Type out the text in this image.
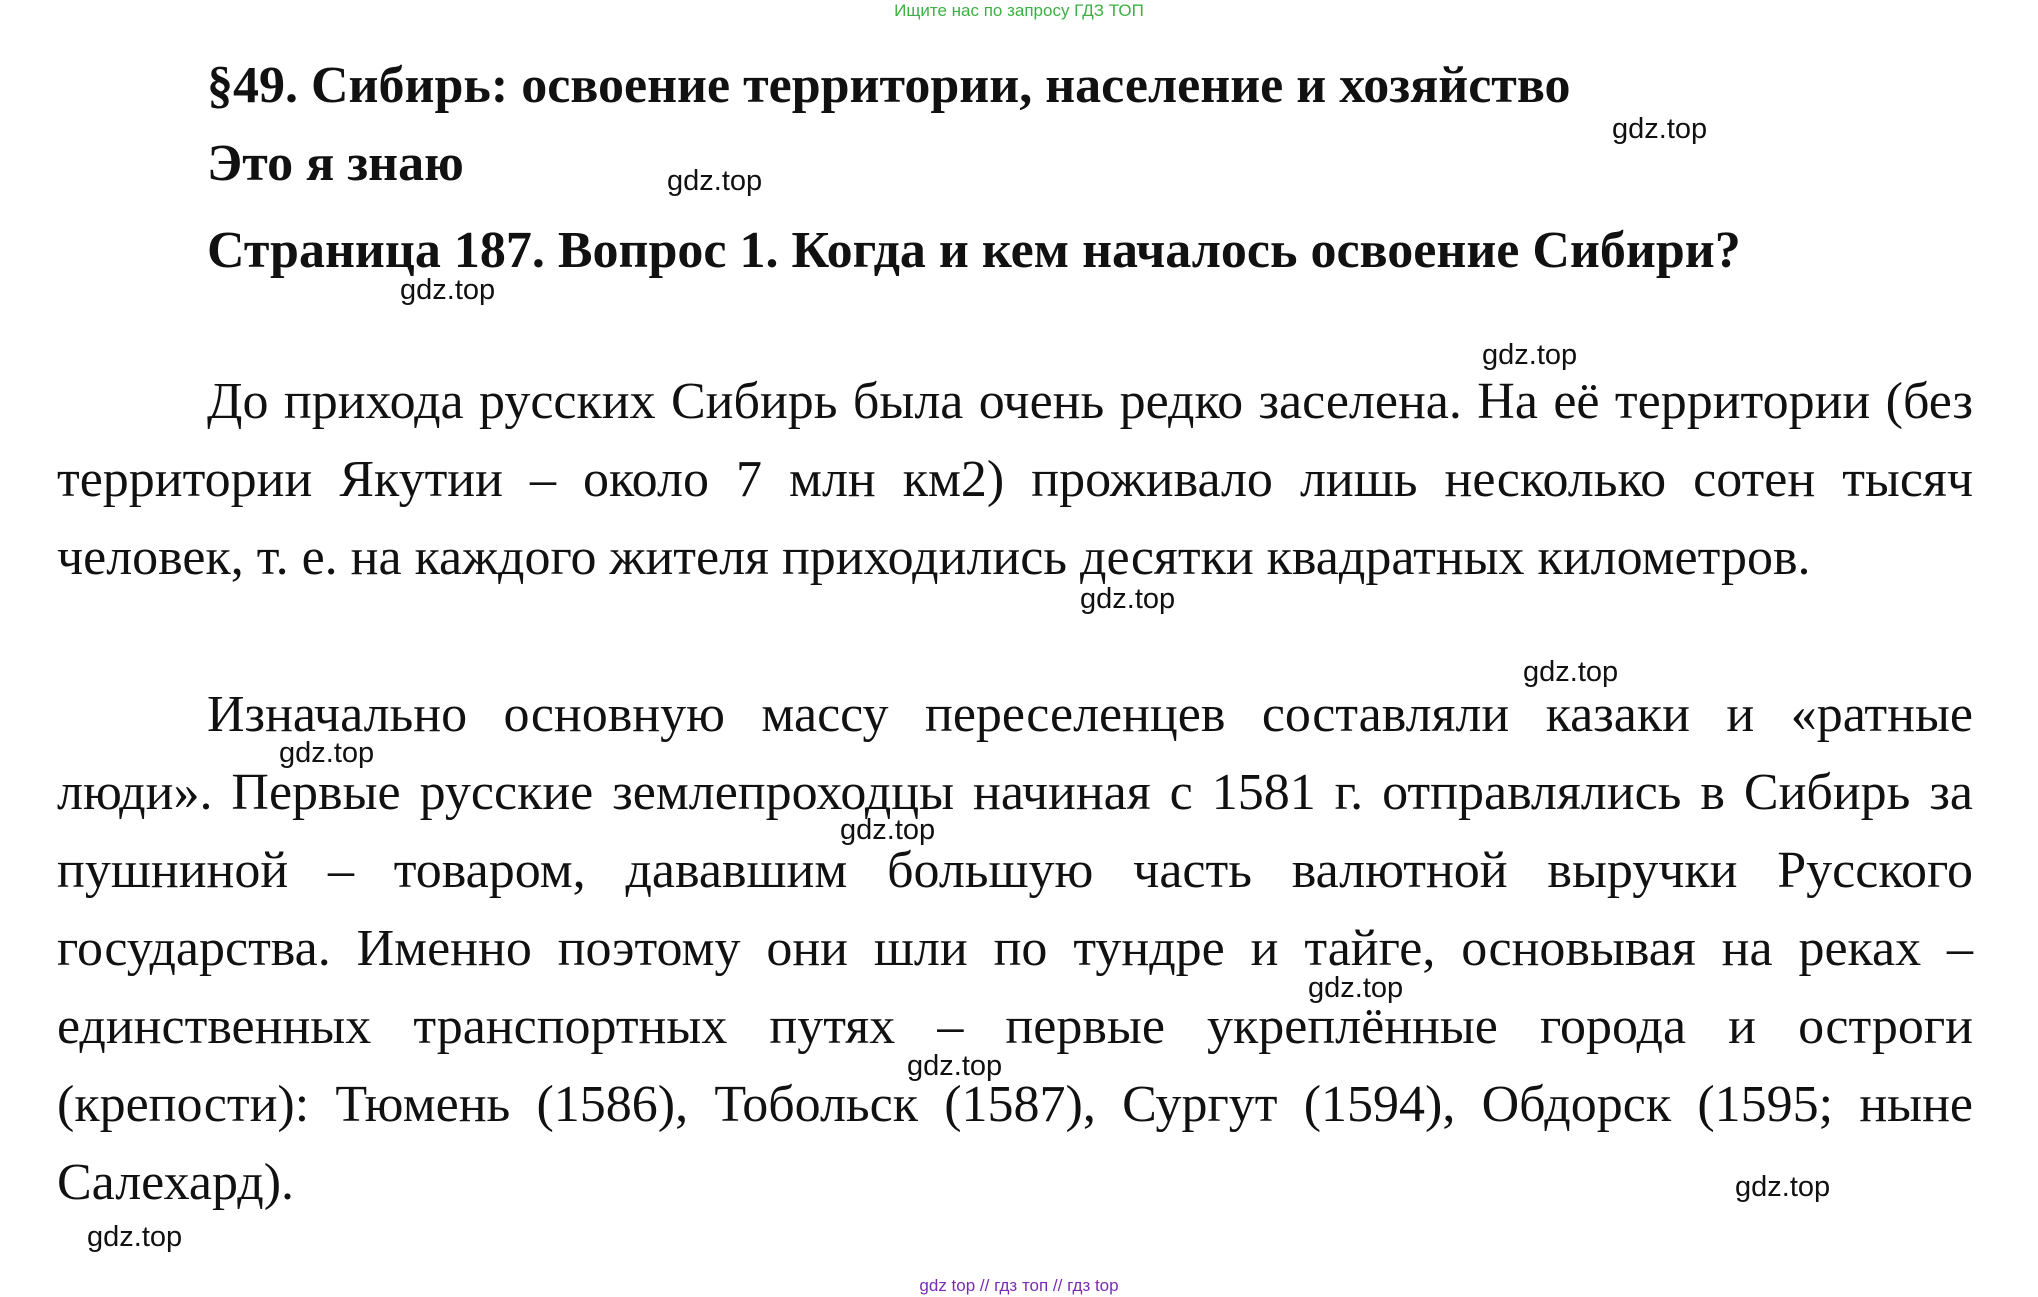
Ищите нас по запросу ГДЗ ТОП
§49. Сибирь: освоение территории, население и хозяйство
Это я знаю
Страница 187. Вопрос 1. Когда и кем началось освоение Сибири?
До прихода русских Сибирь была очень редко заселена. На её территории (без территории Якутии – около 7 млн км2) проживало лишь несколько сотен тысяч человек, т. е. на каждого жителя приходились десятки квадратных километров.
Изначально основную массу переселенцев составляли казаки и «ратные люди». Первые русские землепроходцы начиная с 1581 г. отправлялись в Сибирь за пушниной – товаром, дававшим большую часть валютной выручки Русского государства. Именно поэтому они шли по тундре и тайге, основывая на реках – единственных транспортных путях – первые укреплённые города и остроги (крепости): Тюмень (1586), Тобольск (1587), Сургут (1594), Обдорск (1595; ныне Салехард).
gdz.top
gdz.top
gdz.top
gdz.top
gdz.top
gdz.top
gdz.top
gdz.top
gdz.top
gdz.top
gdz.top
gdz.top
gdz top // гдз топ // гдз top
